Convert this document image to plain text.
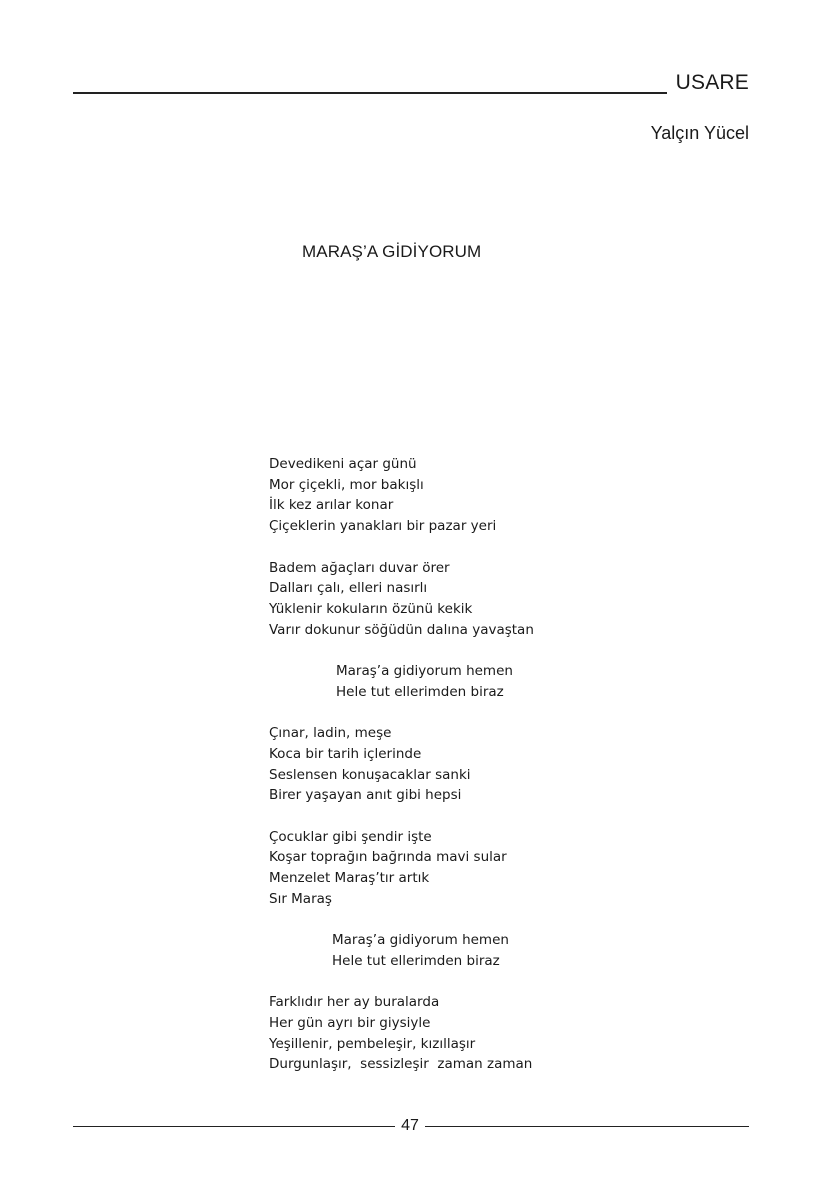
USARE
Yalçın Yücel
MARAŞ’A GİDİYORUM
Devedikeni açar günü
Mor çiçekli, mor bakışlı
İlk kez arılar konar
Çiçeklerin yanakları bir pazar yeri
Badem ağaçları duvar örer
Dalları çalı, elleri nasırlı
Yüklenir kokuların özünü kekik
Varır dokunur söğüdün dalına yavaştan
Maraş’a gidiyorum hemen
Hele tut ellerimden biraz
Çınar, ladin, meşe
Koca bir tarih içlerinde
Seslensen konuşacaklar sanki
Birer yaşayan anıt gibi hepsi
Çocuklar gibi şendir işte
Koşar toprağın bağrında mavi sular
Menzelet Maraş’tır artık
Sır Maraş
Maraş’a gidiyorum hemen
Hele tut ellerimden biraz
Farklıdır her ay buralarda
Her gün ayrı bir giysiyle
Yeşillenir, pembeleşir, kızıllaşır
Durgunlaşır,  sessizleşir  zaman zaman
47
